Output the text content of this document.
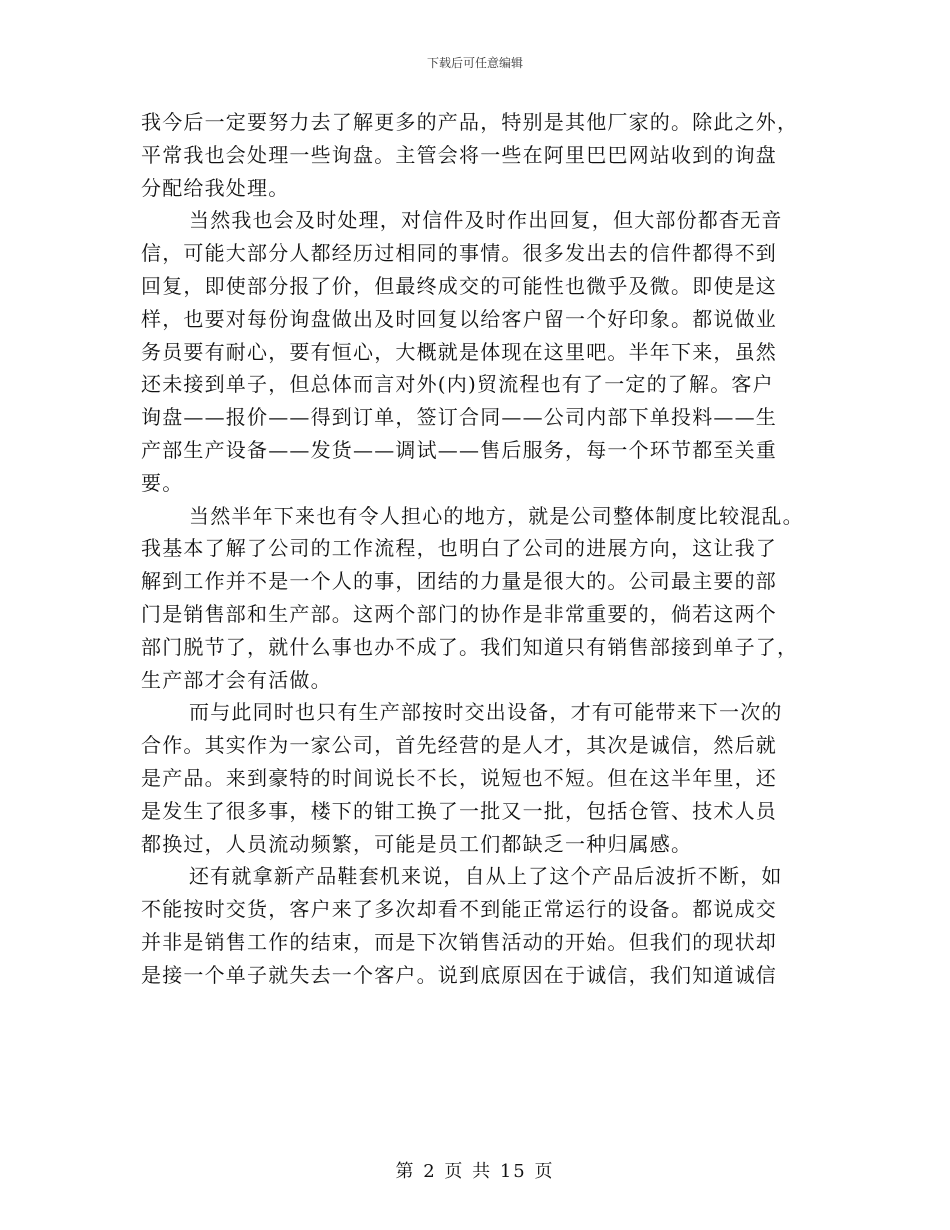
下载后可任意编辑
我今后一定要努力去了解更多的产品，特别是其他厂家的。除此之外，
平常我也会处理一些询盘。主管会将一些在阿里巴巴网站收到的询盘
分配给我处理。
当然我也会及时处理，对信件及时作出回复，但大部份都杳无音
信，可能大部分人都经历过相同的事情。很多发出去的信件都得不到
回复，即使部分报了价，但最终成交的可能性也微乎及微。即使是这
样，也要对每份询盘做出及时回复以给客户留一个好印象。都说做业
务员要有耐心，要有恒心，大概就是体现在这里吧。半年下来，虽然
还未接到单子，但总体而言对外(内)贸流程也有了一定的了解。客户
询盘——报价——得到订单，签订合同——公司内部下单投料——生
产部生产设备——发货——调试——售后服务，每一个环节都至关重
要。
当然半年下来也有令人担心的地方，就是公司整体制度比较混乱。
我基本了解了公司的工作流程，也明白了公司的进展方向，这让我了
解到工作并不是一个人的事，团结的力量是很大的。公司最主要的部
门是销售部和生产部。这两个部门的协作是非常重要的，倘若这两个
部门脱节了，就什么事也办不成了。我们知道只有销售部接到单子了，
生产部才会有活做。
而与此同时也只有生产部按时交出设备，才有可能带来下一次的
合作。其实作为一家公司，首先经营的是人才，其次是诚信，然后就
是产品。来到豪特的时间说长不长，说短也不短。但在这半年里，还
是发生了很多事，楼下的钳工换了一批又一批，包括仓管、技术人员
都换过，人员流动频繁，可能是员工们都缺乏一种归属感。
还有就拿新产品鞋套机来说，自从上了这个产品后波折不断，如
不能按时交货，客户来了多次却看不到能正常运行的设备。都说成交
并非是销售工作的结束，而是下次销售活动的开始。但我们的现状却
是接一个单子就失去一个客户。说到底原因在于诚信，我们知道诚信
第 2 页 共 15 页
